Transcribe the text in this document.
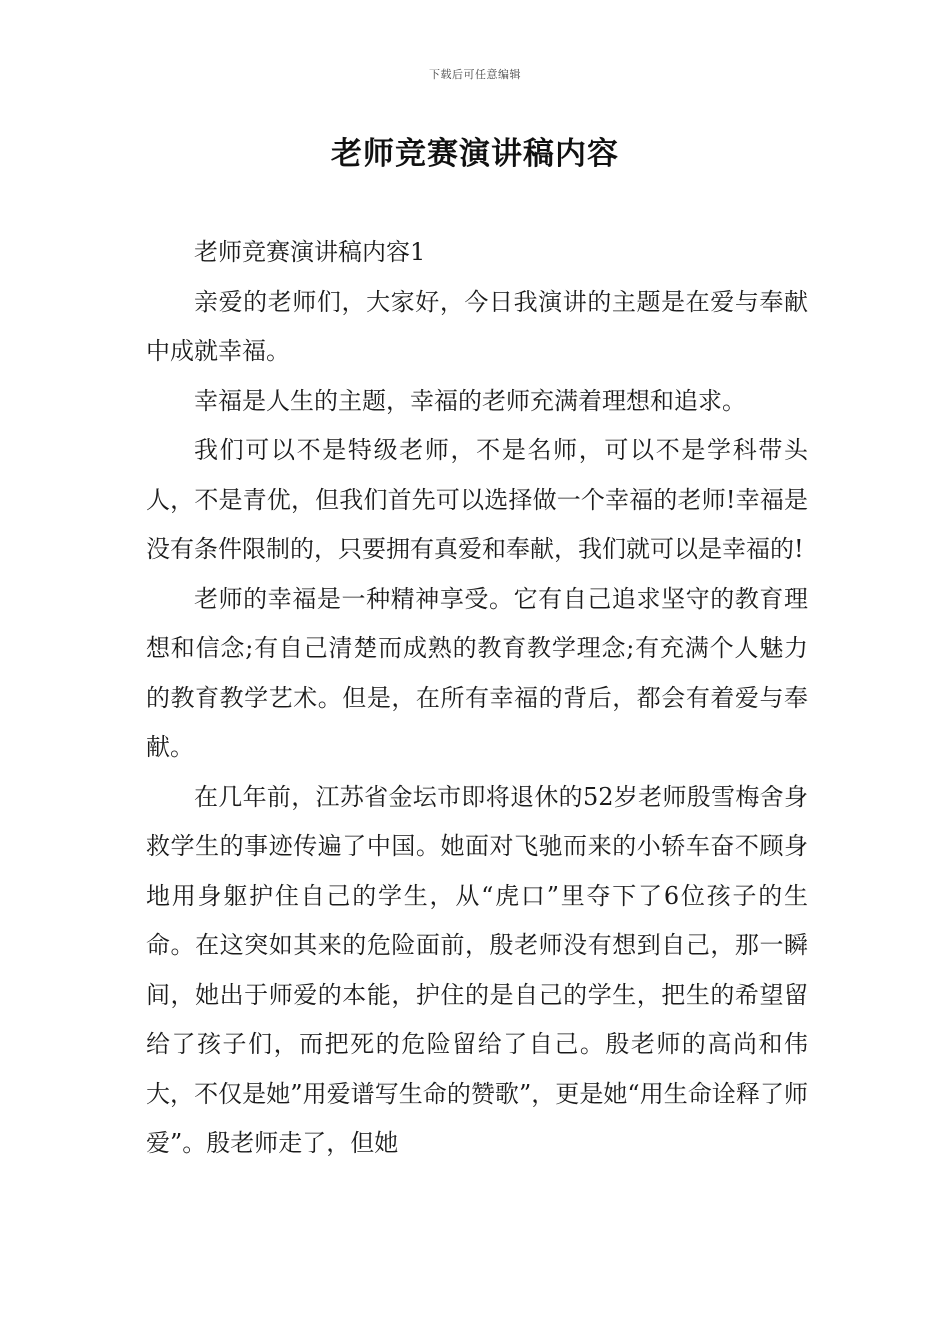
下载后可任意编辑
老师竞赛演讲稿内容

老师竞赛演讲稿内容1

亲爱的老师们，大家好，今日我演讲的主题是在爱与奉献中成就幸福。

幸福是人生的主题，幸福的老师充满着理想和追求。

我们可以不是特级老师，不是名师，可以不是学科带头人，不是青优，但我们首先可以选择做一个幸福的老师!幸福是没有条件限制的，只要拥有真爱和奉献，我们就可以是幸福的!

老师的幸福是一种精神享受。它有自己追求坚守的教育理想和信念;有自己清楚而成熟的教育教学理念;有充满个人魅力的教育教学艺术。但是，在所有幸福的背后，都会有着爱与奉献。

在几年前，江苏省金坛市即将退休的52岁老师殷雪梅舍身救学生的事迹传遍了中国。她面对飞驰而来的小轿车奋不顾身地用身躯护住自己的学生，从“虎口”里夺下了6位孩子的生命。在这突如其来的危险面前，殷老师没有想到自己，那一瞬间，她出于师爱的本能，护住的是自己的学生，把生的希望留给了孩子们，而把死的危险留给了自己。殷老师的高尚和伟大，不仅是她”用爱谱写生命的赞歌”，更是她“用生命诠释了师爱”。殷老师走了，但她
